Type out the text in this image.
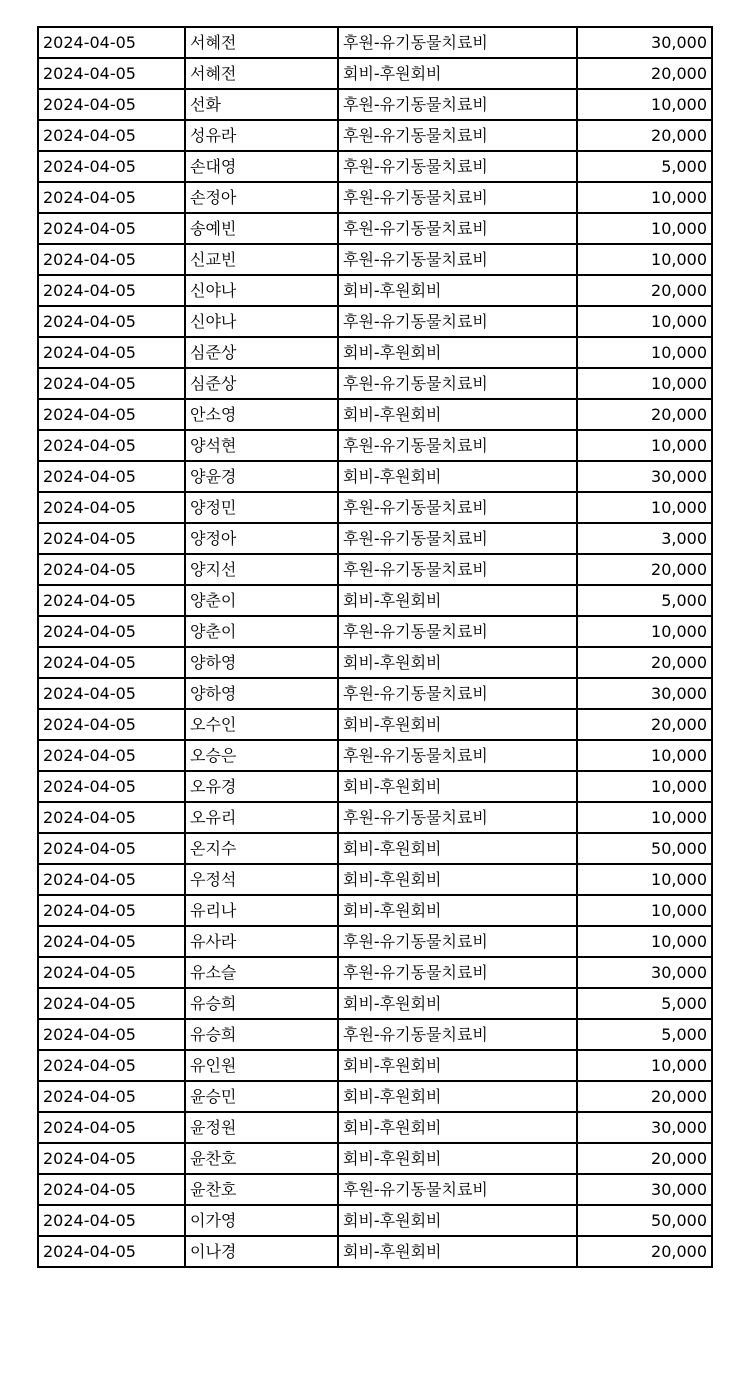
2024-04-05	서혜전	후원-유기동물치료비	30,000
2024-04-05	서혜전	회비-후원회비	20,000
2024-04-05	선화	후원-유기동물치료비	10,000
2024-04-05	성유라	후원-유기동물치료비	20,000
2024-04-05	손대영	후원-유기동물치료비	5,000
2024-04-05	손정아	후원-유기동물치료비	10,000
2024-04-05	송예빈	후원-유기동물치료비	10,000
2024-04-05	신교빈	후원-유기동물치료비	10,000
2024-04-05	신야나	회비-후원회비	20,000
2024-04-05	신야나	후원-유기동물치료비	10,000
2024-04-05	심준상	회비-후원회비	10,000
2024-04-05	심준상	후원-유기동물치료비	10,000
2024-04-05	안소영	회비-후원회비	20,000
2024-04-05	양석현	후원-유기동물치료비	10,000
2024-04-05	양윤경	회비-후원회비	30,000
2024-04-05	양정민	후원-유기동물치료비	10,000
2024-04-05	양정아	후원-유기동물치료비	3,000
2024-04-05	양지선	후원-유기동물치료비	20,000
2024-04-05	양춘이	회비-후원회비	5,000
2024-04-05	양춘이	후원-유기동물치료비	10,000
2024-04-05	양하영	회비-후원회비	20,000
2024-04-05	양하영	후원-유기동물치료비	30,000
2024-04-05	오수인	회비-후원회비	20,000
2024-04-05	오승은	후원-유기동물치료비	10,000
2024-04-05	오유경	회비-후원회비	10,000
2024-04-05	오유리	후원-유기동물치료비	10,000
2024-04-05	온지수	회비-후원회비	50,000
2024-04-05	우정석	회비-후원회비	10,000
2024-04-05	유리나	회비-후원회비	10,000
2024-04-05	유사라	후원-유기동물치료비	10,000
2024-04-05	유소슬	후원-유기동물치료비	30,000
2024-04-05	유승희	회비-후원회비	5,000
2024-04-05	유승희	후원-유기동물치료비	5,000
2024-04-05	유인원	회비-후원회비	10,000
2024-04-05	윤승민	회비-후원회비	20,000
2024-04-05	윤정원	회비-후원회비	30,000
2024-04-05	윤찬호	회비-후원회비	20,000
2024-04-05	윤찬호	후원-유기동물치료비	30,000
2024-04-05	이가영	회비-후원회비	50,000
2024-04-05	이나경	회비-후원회비	20,000
